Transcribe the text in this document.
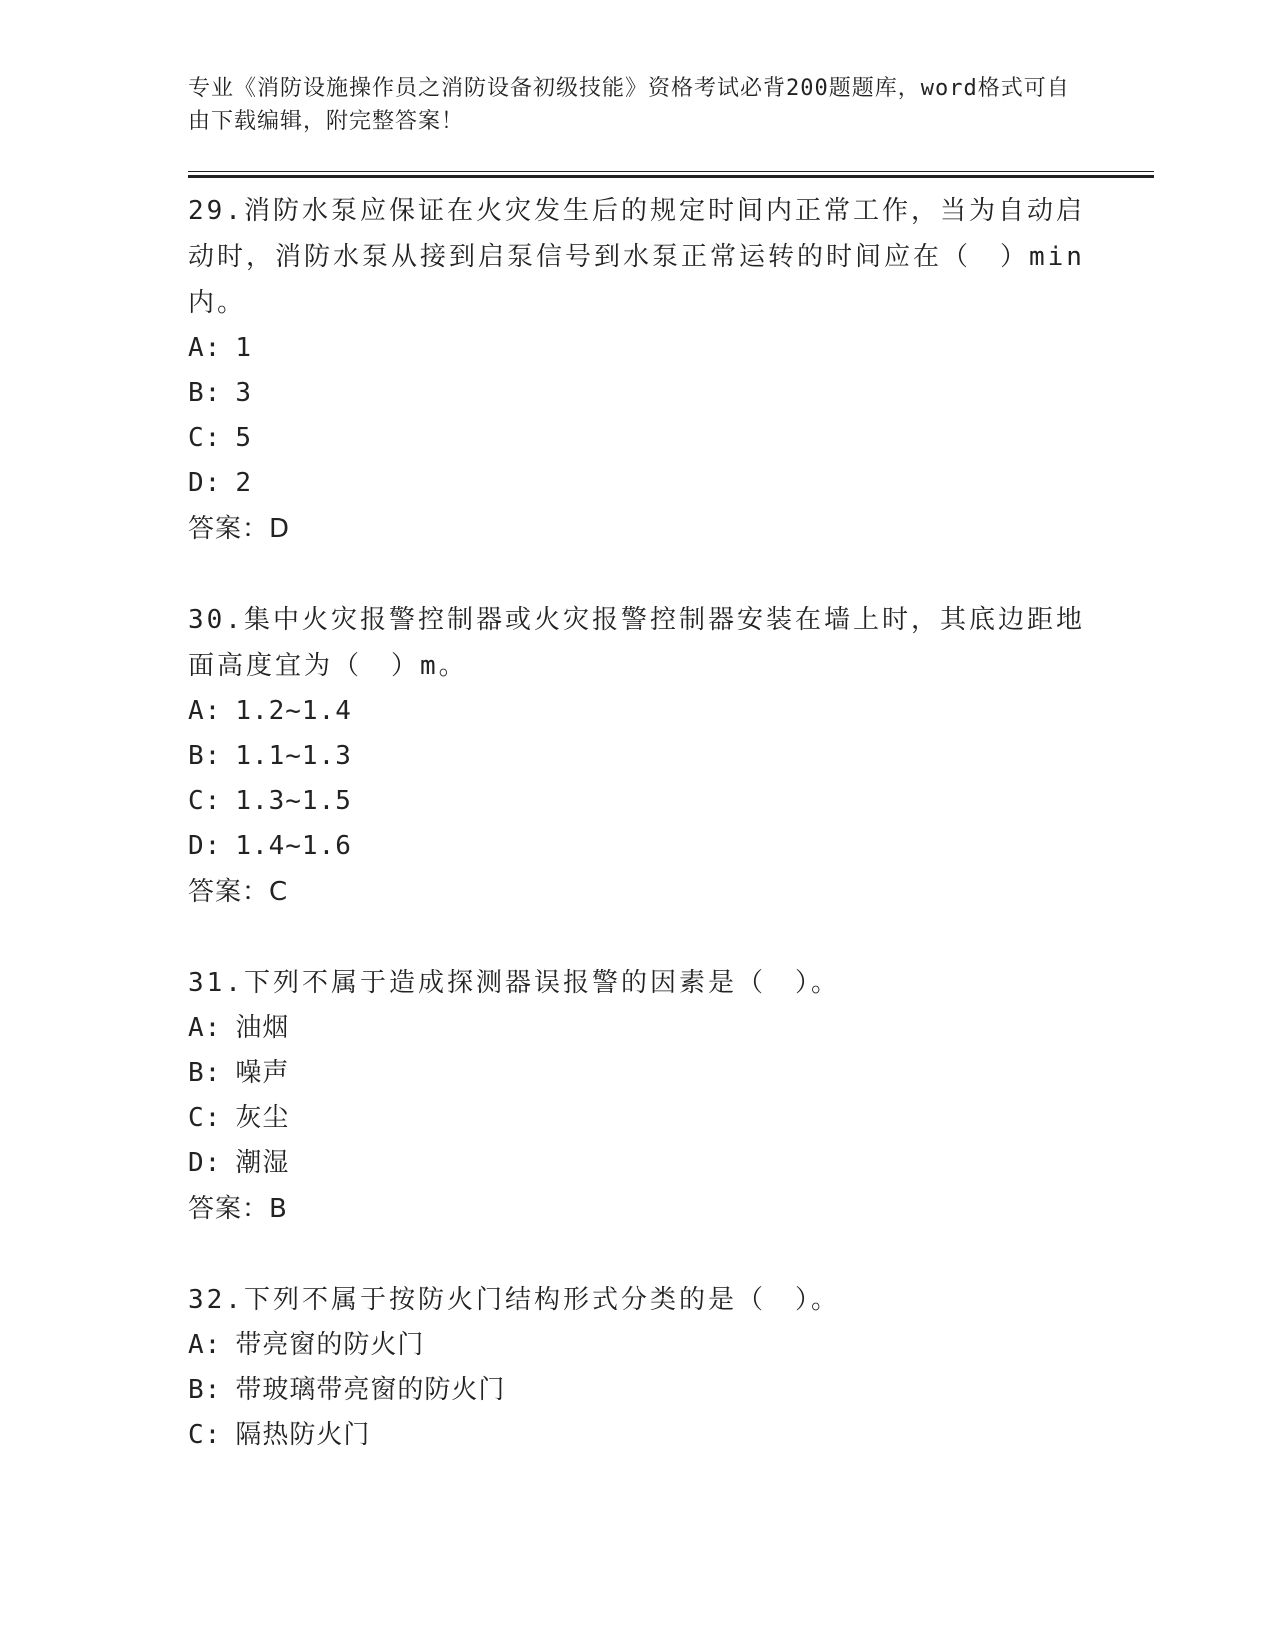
专业《消防设施操作员之消防设备初级技能》资格考试必背200题题库，word格式可自由下载编辑，附完整答案！
29.消防水泵应保证在火灾发生后的规定时间内正常工作，当为自动启动时，消防水泵从接到启泵信号到水泵正常运转的时间应在（　）min内。
A: 1
B: 3
C: 5
D: 2
答案：D
30.集中火灾报警控制器或火灾报警控制器安装在墙上时，其底边距地面高度宜为（　）m。
A: 1.2~1.4
B: 1.1~1.3
C: 1.3~1.5
D: 1.4~1.6
答案：C
31.下列不属于造成探测器误报警的因素是（　）。
A: 油烟
B: 噪声
C: 灰尘
D: 潮湿
答案：B
32.下列不属于按防火门结构形式分类的是（　）。
A: 带亮窗的防火门
B: 带玻璃带亮窗的防火门
C: 隔热防火门
